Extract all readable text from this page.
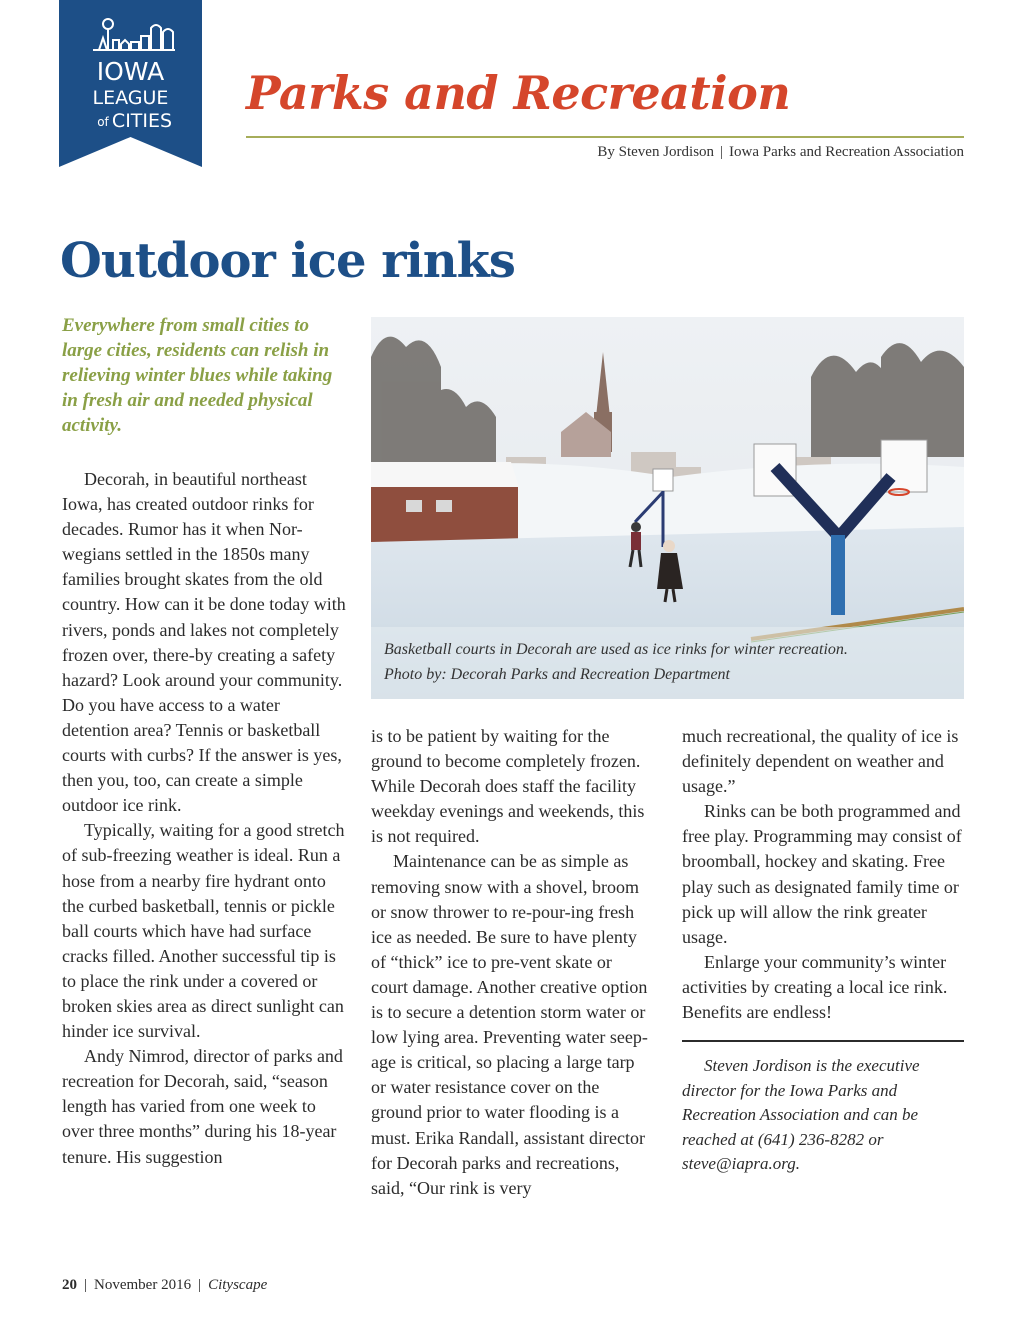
IOWA
LEAGUE
of CITIES
Parks and Recreation
By Steven Jordison | Iowa Parks and Recreation Association
Outdoor ice rinks

Everywhere from small cities to large cities, residents can relish in relieving winter blues while taking in fresh air and needed physical activity.

Decorah, in beautiful northeast Iowa, has created outdoor rinks for decades. Rumor has it when Nor-wegians settled in the 1850s many families brought skates from the old country. How can it be done today with rivers, ponds and lakes not completely frozen over, there-by creating a safety hazard? Look around your community. Do you have access to a water detention area? Tennis or basketball courts with curbs? If the answer is yes, then you, too, can create a simple outdoor ice rink.

Typically, waiting for a good stretch of sub-freezing weather is ideal. Run a hose from a nearby fire hydrant onto the curbed basketball, tennis or pickle ball courts which have had surface cracks filled. Another successful tip is to place the rink under a covered or broken skies area as direct sunlight can hinder ice survival.

Andy Nimrod, director of parks and recreation for Decorah, said, “season length has varied from one week to over three months” during his 18-year tenure. His suggestion

Basketball courts in Decorah are used as ice rinks for winter recreation.
Photo by: Decorah Parks and Recreation Department

is to be patient by waiting for the ground to become completely frozen. While Decorah does staff the facility weekday evenings and weekends, this is not required.

Maintenance can be as simple as removing snow with a shovel, broom or snow thrower to re-pour-ing fresh ice as needed. Be sure to have plenty of “thick” ice to pre-vent skate or court damage. Another creative option is to secure a detention storm water or low lying area. Preventing water seep-age is critical, so placing a large tarp or water resistance cover on the ground prior to water flooding is a must. Erika Randall, assistant director for Decorah parks and recreations, said, “Our rink is very

much recreational, the quality of ice is definitely dependent on weather and usage.”

Rinks can be both programmed and free play. Programming may consist of broomball, hockey and skating. Free play such as designated family time or pick up will allow the rink greater usage.

Enlarge your community’s winter activities by creating a local ice rink. Benefits are endless!

Steven Jordison is the executive director for the Iowa Parks and Recreation Association and can be reached at (641) 236-8282 or steve@iapra.org.

20 | November 2016 | Cityscape
